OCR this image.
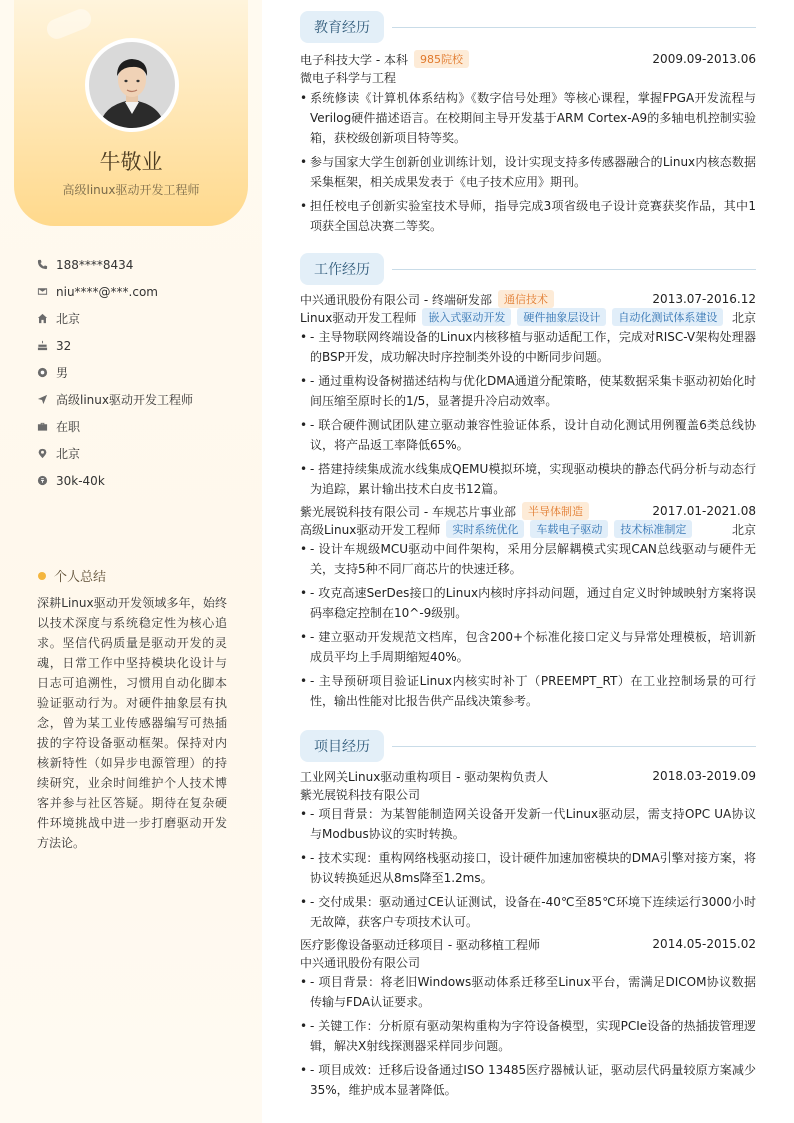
牛敬业
高级linux驱动开发工程师
188****8434
niu****@***.com
北京
32
男
高级linux驱动开发工程师
在职
北京
30k-40k
个人总结
深耕Linux驱动开发领域多年，始终以技术深度与系统稳定性为核心追求。坚信代码质量是驱动开发的灵魂，日常工作中坚持模块化设计与日志可追溯性，习惯用自动化脚本验证驱动行为。对硬件抽象层有执念，曾为某工业传感器编写可热插拔的字符设备驱动框架。保持对内核新特性（如异步电源管理）的持续研究，业余时间维护个人技术博客并参与社区答疑。期待在复杂硬件环境挑战中进一步打磨驱动开发方法论。
教育经历
电子科技大学 - 本科	985院校	2009.09-2013.06
微电子科学与工程
• 系统修读《计算机体系结构》《数字信号处理》等核心课程，掌握FPGA开发流程与Verilog硬件描述语言。在校期间主导开发基于ARM Cortex-A9的多轴电机控制实验箱，获校级创新项目特等奖。
• 参与国家大学生创新创业训练计划，设计实现支持多传感器融合的Linux内核态数据采集框架，相关成果发表于《电子技术应用》期刊。
• 担任校电子创新实验室技术导师，指导完成3项省级电子设计竞赛获奖作品，其中1项获全国总决赛二等奖。
工作经历
中兴通讯股份有限公司 - 终端研发部	通信技术	2013.07-2016.12
Linux驱动开发工程师	嵌入式驱动开发	硬件抽象层设计	自动化测试体系建设	北京
• - 主导物联网终端设备的Linux内核移植与驱动适配工作，完成对RISC-V架构处理器的BSP开发，成功解决时序控制类外设的中断同步问题。
• - 通过重构设备树描述结构与优化DMA通道分配策略，使某数据采集卡驱动初始化时间压缩至原时长的1/5，显著提升冷启动效率。
• - 联合硬件测试团队建立驱动兼容性验证体系，设计自动化测试用例覆盖6类总线协议，将产品返工率降低65%。
• - 搭建持续集成流水线集成QEMU模拟环境，实现驱动模块的静态代码分析与动态行为追踪，累计输出技术白皮书12篇。
紫光展锐科技有限公司 - 车规芯片事业部	半导体制造	2017.01-2021.08
高级Linux驱动开发工程师	实时系统优化	车载电子驱动	技术标准制定	北京
• - 设计车规级MCU驱动中间件架构，采用分层解耦模式实现CAN总线驱动与硬件无关，支持5种不同厂商芯片的快速迁移。
• - 攻克高速SerDes接口的Linux内核时序抖动问题，通过自定义时钟域映射方案将误码率稳定控制在10^-9级别。
• - 建立驱动开发规范文档库，包含200+个标准化接口定义与异常处理模板，培训新成员平均上手周期缩短40%。
• - 主导预研项目验证Linux内核实时补丁（PREEMPT_RT）在工业控制场景的可行性，输出性能对比报告供产品线决策参考。
项目经历
工业网关Linux驱动重构项目 - 驱动架构负责人	2018.03-2019.09
紫光展锐科技有限公司
• - 项目背景：为某智能制造网关设备开发新一代Linux驱动层，需支持OPC UA协议与Modbus协议的实时转换。
• - 技术实现：重构网络栈驱动接口，设计硬件加速加密模块的DMA引擎对接方案，将协议转换延迟从8ms降至1.2ms。
• - 交付成果：驱动通过CE认证测试，设备在-40℃至85℃环境下连续运行3000小时无故障，获客户专项技术认可。
医疗影像设备驱动迁移项目 - 驱动移植工程师	2014.05-2015.02
中兴通讯股份有限公司
• - 项目背景：将老旧Windows驱动体系迁移至Linux平台，需满足DICOM协议数据传输与FDA认证要求。
• - 关键工作：分析原有驱动架构重构为字符设备模型，实现PCIe设备的热插拔管理逻辑，解决X射线探测器采样同步问题。
• - 项目成效：迁移后设备通过ISO 13485医疗器械认证，驱动层代码量较原方案减少35%，维护成本显著降低。
